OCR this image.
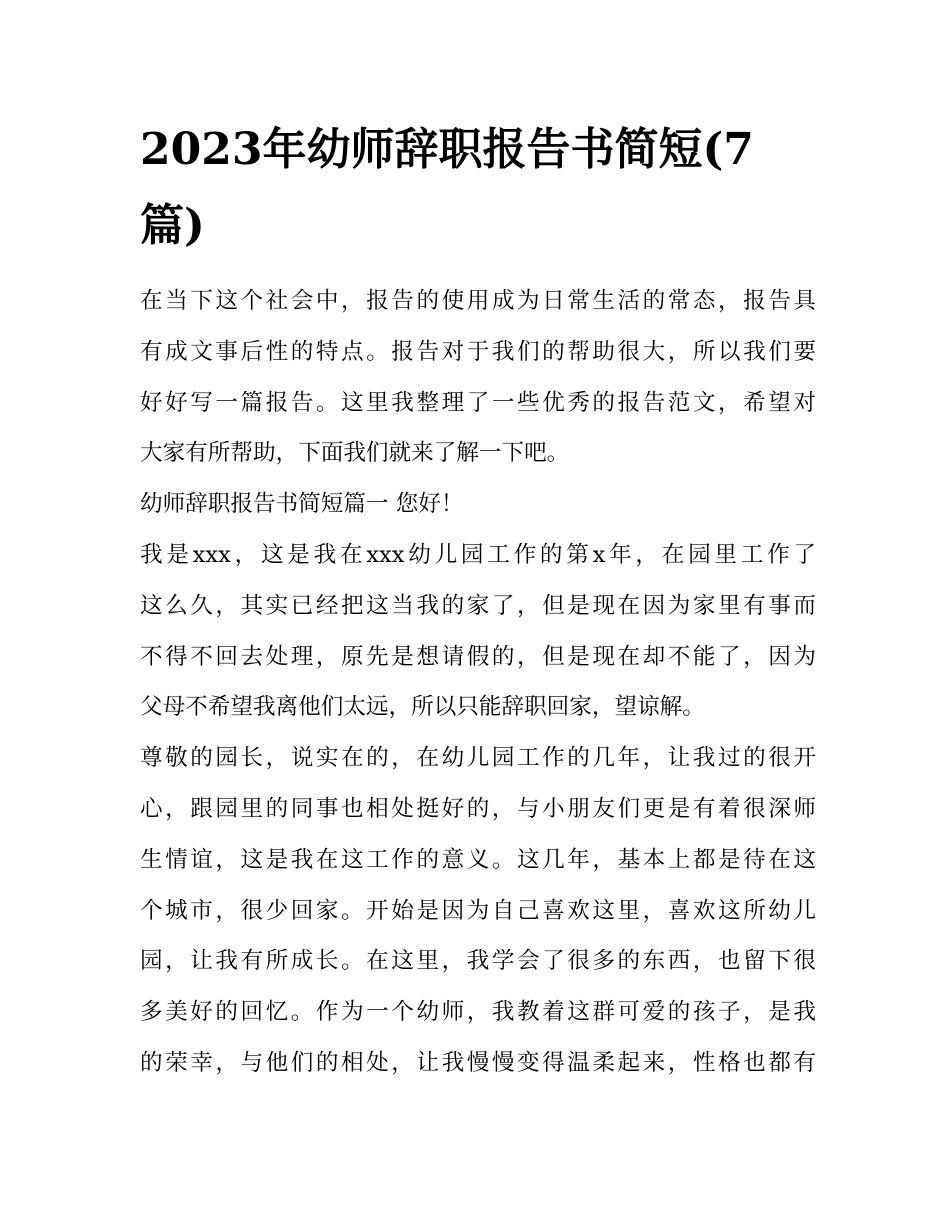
2023年幼师辞职报告书简短(7
篇)
在当下这个社会中，报告的使用成为日常生活的常态，报告具
有成文事后性的特点。报告对于我们的帮助很大，所以我们要
好好写一篇报告。这里我整理了一些优秀的报告范文，希望对
大家有所帮助，下面我们就来了解一下吧。
幼师辞职报告书简短篇一 您好！
我是xxx，这是我在xxx幼儿园工作的第x年，在园里工作了
这么久，其实已经把这当我的家了，但是现在因为家里有事而
不得不回去处理，原先是想请假的，但是现在却不能了，因为
父母不希望我离他们太远，所以只能辞职回家，望谅解。
尊敬的园长，说实在的，在幼儿园工作的几年，让我过的很开
心，跟园里的同事也相处挺好的，与小朋友们更是有着很深师
生情谊，这是我在这工作的意义。这几年，基本上都是待在这
个城市，很少回家。开始是因为自己喜欢这里，喜欢这所幼儿
园，让我有所成长。在这里，我学会了很多的东西，也留下很
多美好的回忆。作为一个幼师，我教着这群可爱的孩子，是我
的荣幸，与他们的相处，让我慢慢变得温柔起来，性格也都有
